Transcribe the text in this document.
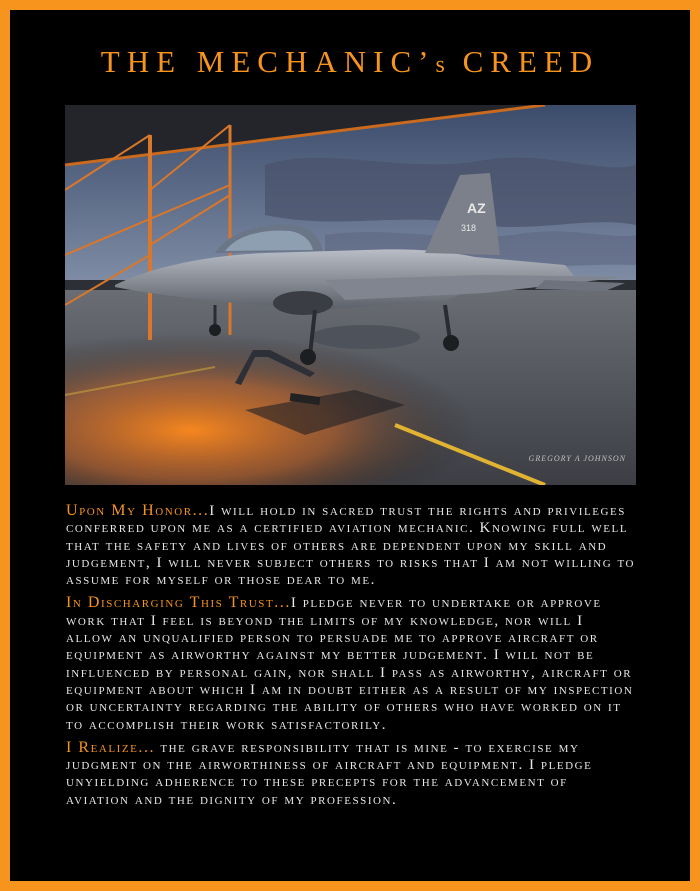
THE MECHANIC’s CREED
AZ
318
GREGORY A JOHNSON

Upon My Honor...I will hold in sacred trust the rights and privileges conferred upon me as a certified aviation mechanic. Knowing full well that the safety and lives of others are dependent upon my skill and judgement, I will never subject others to risks that I am not willing to assume for myself or those dear to me.

In Discharging This Trust...I pledge never to undertake or approve work that I feel is beyond the limits of my knowledge, nor will I allow an unqualified person to persuade me to approve aircraft or equipment as airworthy against my better judgement. I will not be influenced by personal gain, nor shall I pass as airworthy, aircraft or equipment about which I am in doubt either as a result of my inspection or uncertainty regarding the ability of others who have worked on it to accomplish their work satisfactorily.

I Realize... the grave responsibility that is mine - to exercise my judgment on the airworthiness of aircraft and equipment. I pledge unyielding adherence to these precepts for the advancement of aviation and the dignity of my profession.
